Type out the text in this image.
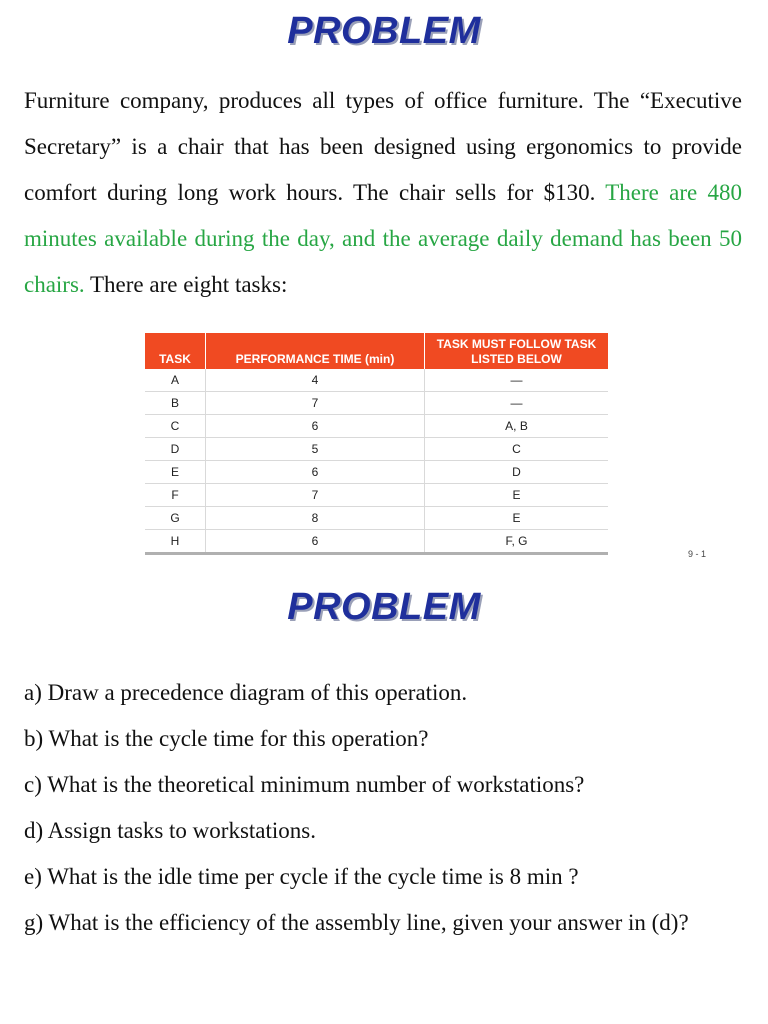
PROBLEM
Furniture company, produces all types of office furniture. The “Executive Secretary” is a chair that has been designed using ergonomics to provide comfort during long work hours. The chair sells for $130. There are 480 minutes available during the day, and the average daily demand has been 50 chairs. There are eight tasks:
TASK	PERFORMANCE TIME (min)	TASK MUST FOLLOW TASK LISTED BELOW
A	4	—
B	7	—
C	6	A, B
D	5	C
E	6	D
F	7	E
G	8	E
H	6	F, G
9 - 1
PROBLEM
a) Draw a precedence diagram of this operation.
b) What is the cycle time for this operation?
c) What is the theoretical minimum number of workstations?
d) Assign tasks to workstations.
e) What is the idle time per cycle if the cycle time is 8 min ?
g) What is the efficiency of the assembly line, given your answer in (d)?
